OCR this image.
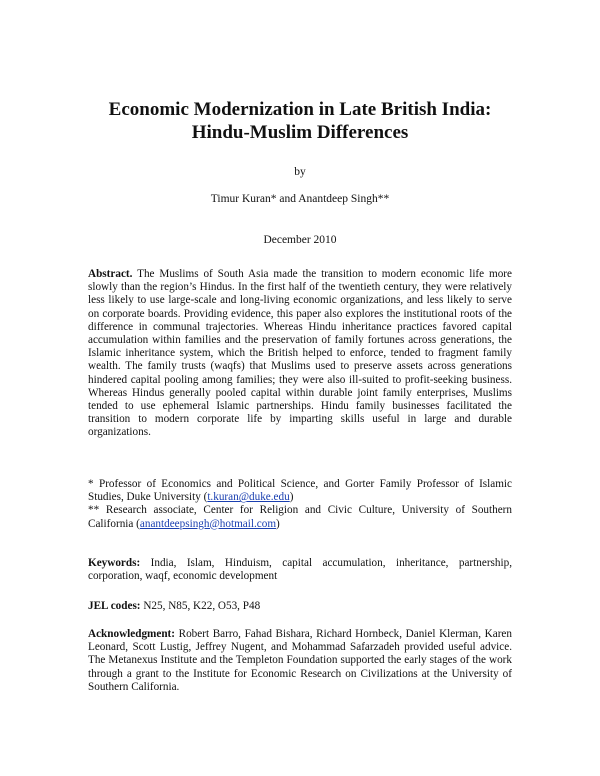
Economic Modernization in Late British India:
Hindu-Muslim Differences

by

Timur Kuran* and Anantdeep Singh**

December 2010

Abstract. The Muslims of South Asia made the transition to modern economic life more slowly than the region’s Hindus. In the first half of the twentieth century, they were relatively less likely to use large-scale and long-living economic organizations, and less likely to serve on corporate boards. Providing evidence, this paper also explores the institutional roots of the difference in communal trajectories. Whereas Hindu inheritance practices favored capital accumulation within families and the preservation of family fortunes across generations, the Islamic inheritance system, which the British helped to enforce, tended to fragment family wealth. The family trusts (waqfs) that Muslims used to preserve assets across generations hindered capital pooling among families; they were also ill-suited to profit-seeking business. Whereas Hindus generally pooled capital within durable joint family enterprises, Muslims tended to use ephemeral Islamic partnerships. Hindu family businesses facilitated the transition to modern corporate life by imparting skills useful in large and durable organizations.

* Professor of Economics and Political Science, and Gorter Family Professor of Islamic Studies, Duke University (t.kuran@duke.edu)

** Research associate, Center for Religion and Civic Culture, University of Southern California (anantdeepsingh@hotmail.com)

Keywords: India, Islam, Hinduism, capital accumulation, inheritance, partnership, corporation, waqf, economic development

JEL codes: N25, N85, K22, O53, P48

Acknowledgment: Robert Barro, Fahad Bishara, Richard Hornbeck, Daniel Klerman, Karen Leonard, Scott Lustig, Jeffrey Nugent, and Mohammad Safarzadeh provided useful advice. The Metanexus Institute and the Templeton Foundation supported the early stages of the work through a grant to the Institute for Economic Research on Civilizations at the University of Southern California.
